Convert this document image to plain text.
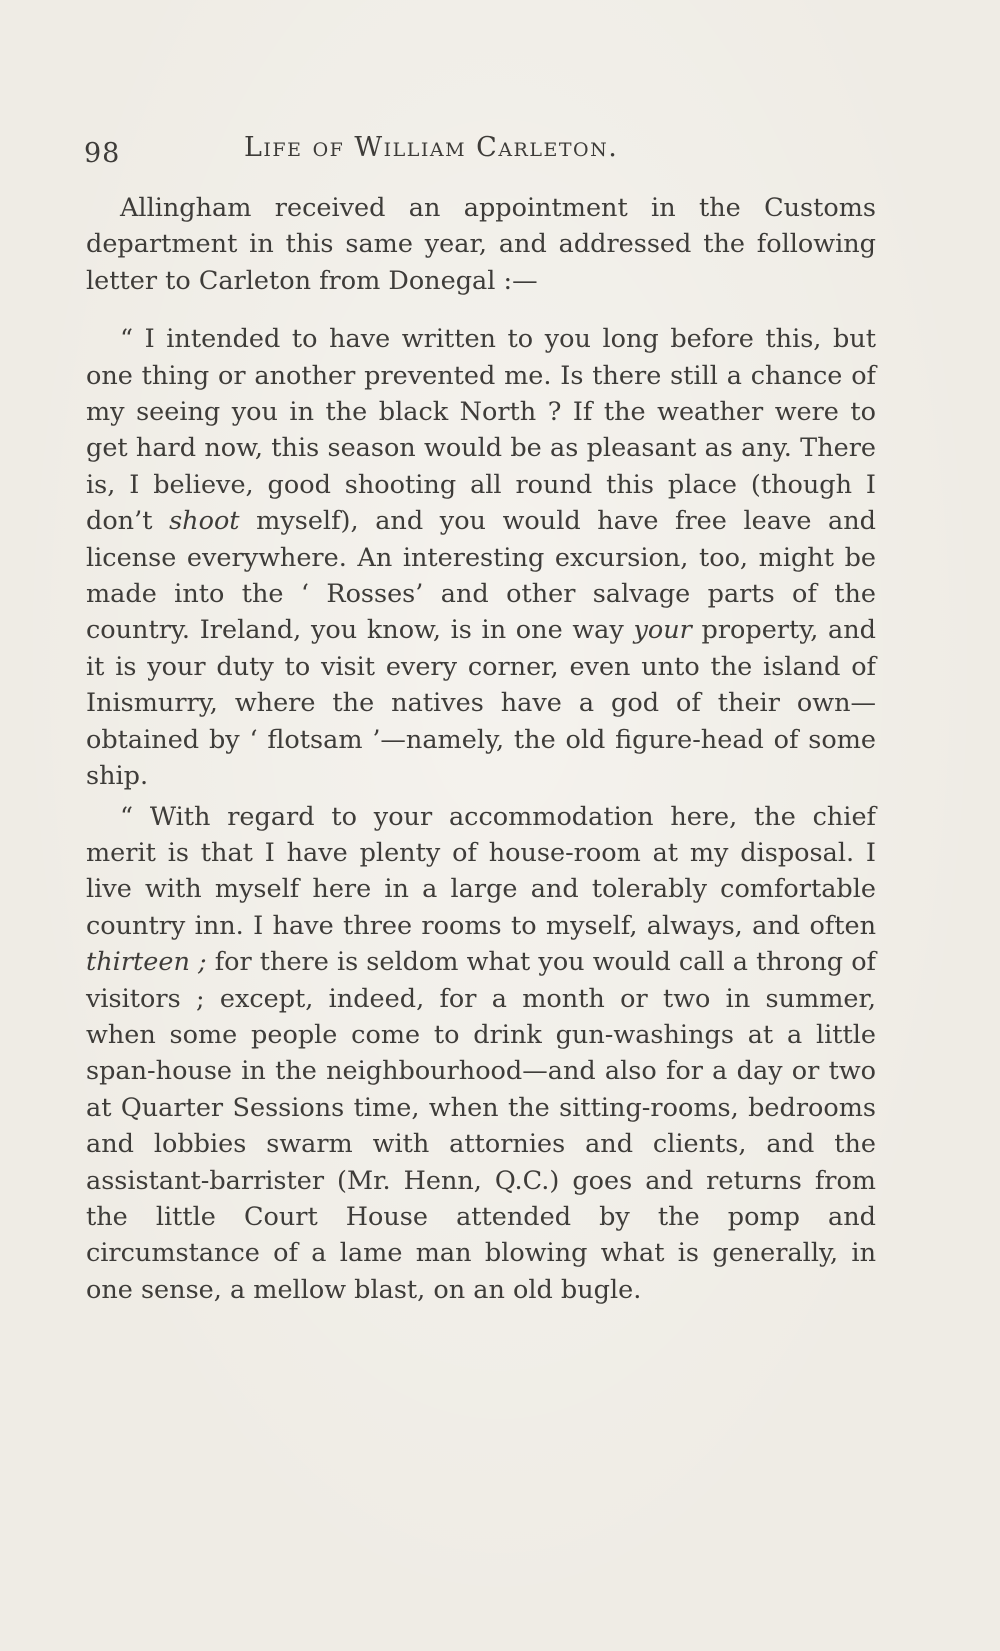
98	Life of William Carleton.

Allingham received an appointment in the Customs department in this same year, and addressed the following letter to Carleton from Donegal :—

“ I intended to have written to you long before this, but one thing or another prevented me. Is there still a chance of my seeing you in the black North ? If the weather were to get hard now, this season would be as pleasant as any. There is, I believe, good shooting all round this place (though I don’t shoot myself), and you would have free leave and license everywhere. An interesting excursion, too, might be made into the ‘ Rosses’ and other salvage parts of the country. Ireland, you know, is in one way your property, and it is your duty to visit every corner, even unto the island of Inismurry, where the natives have a god of their own—obtained by ‘ flotsam ’—namely, the old figure-head of some ship.

“ With regard to your accommodation here, the chief merit is that I have plenty of house-room at my disposal. I live with myself here in a large and tolerably comfortable country inn. I have three rooms to myself, always, and often thirteen ; for there is seldom what you would call a throng of visitors ; except, indeed, for a month or two in summer, when some people come to drink gun-washings at a little span-house in the neighbourhood—and also for a day or two at Quarter Sessions time, when the sitting-rooms, bedrooms and lobbies swarm with attornies and clients, and the assistant-barrister (Mr. Henn, Q.C.) goes and returns from the little Court House attended by the pomp and circumstance of a lame man blowing what is generally, in one sense, a mellow blast, on an old bugle.
